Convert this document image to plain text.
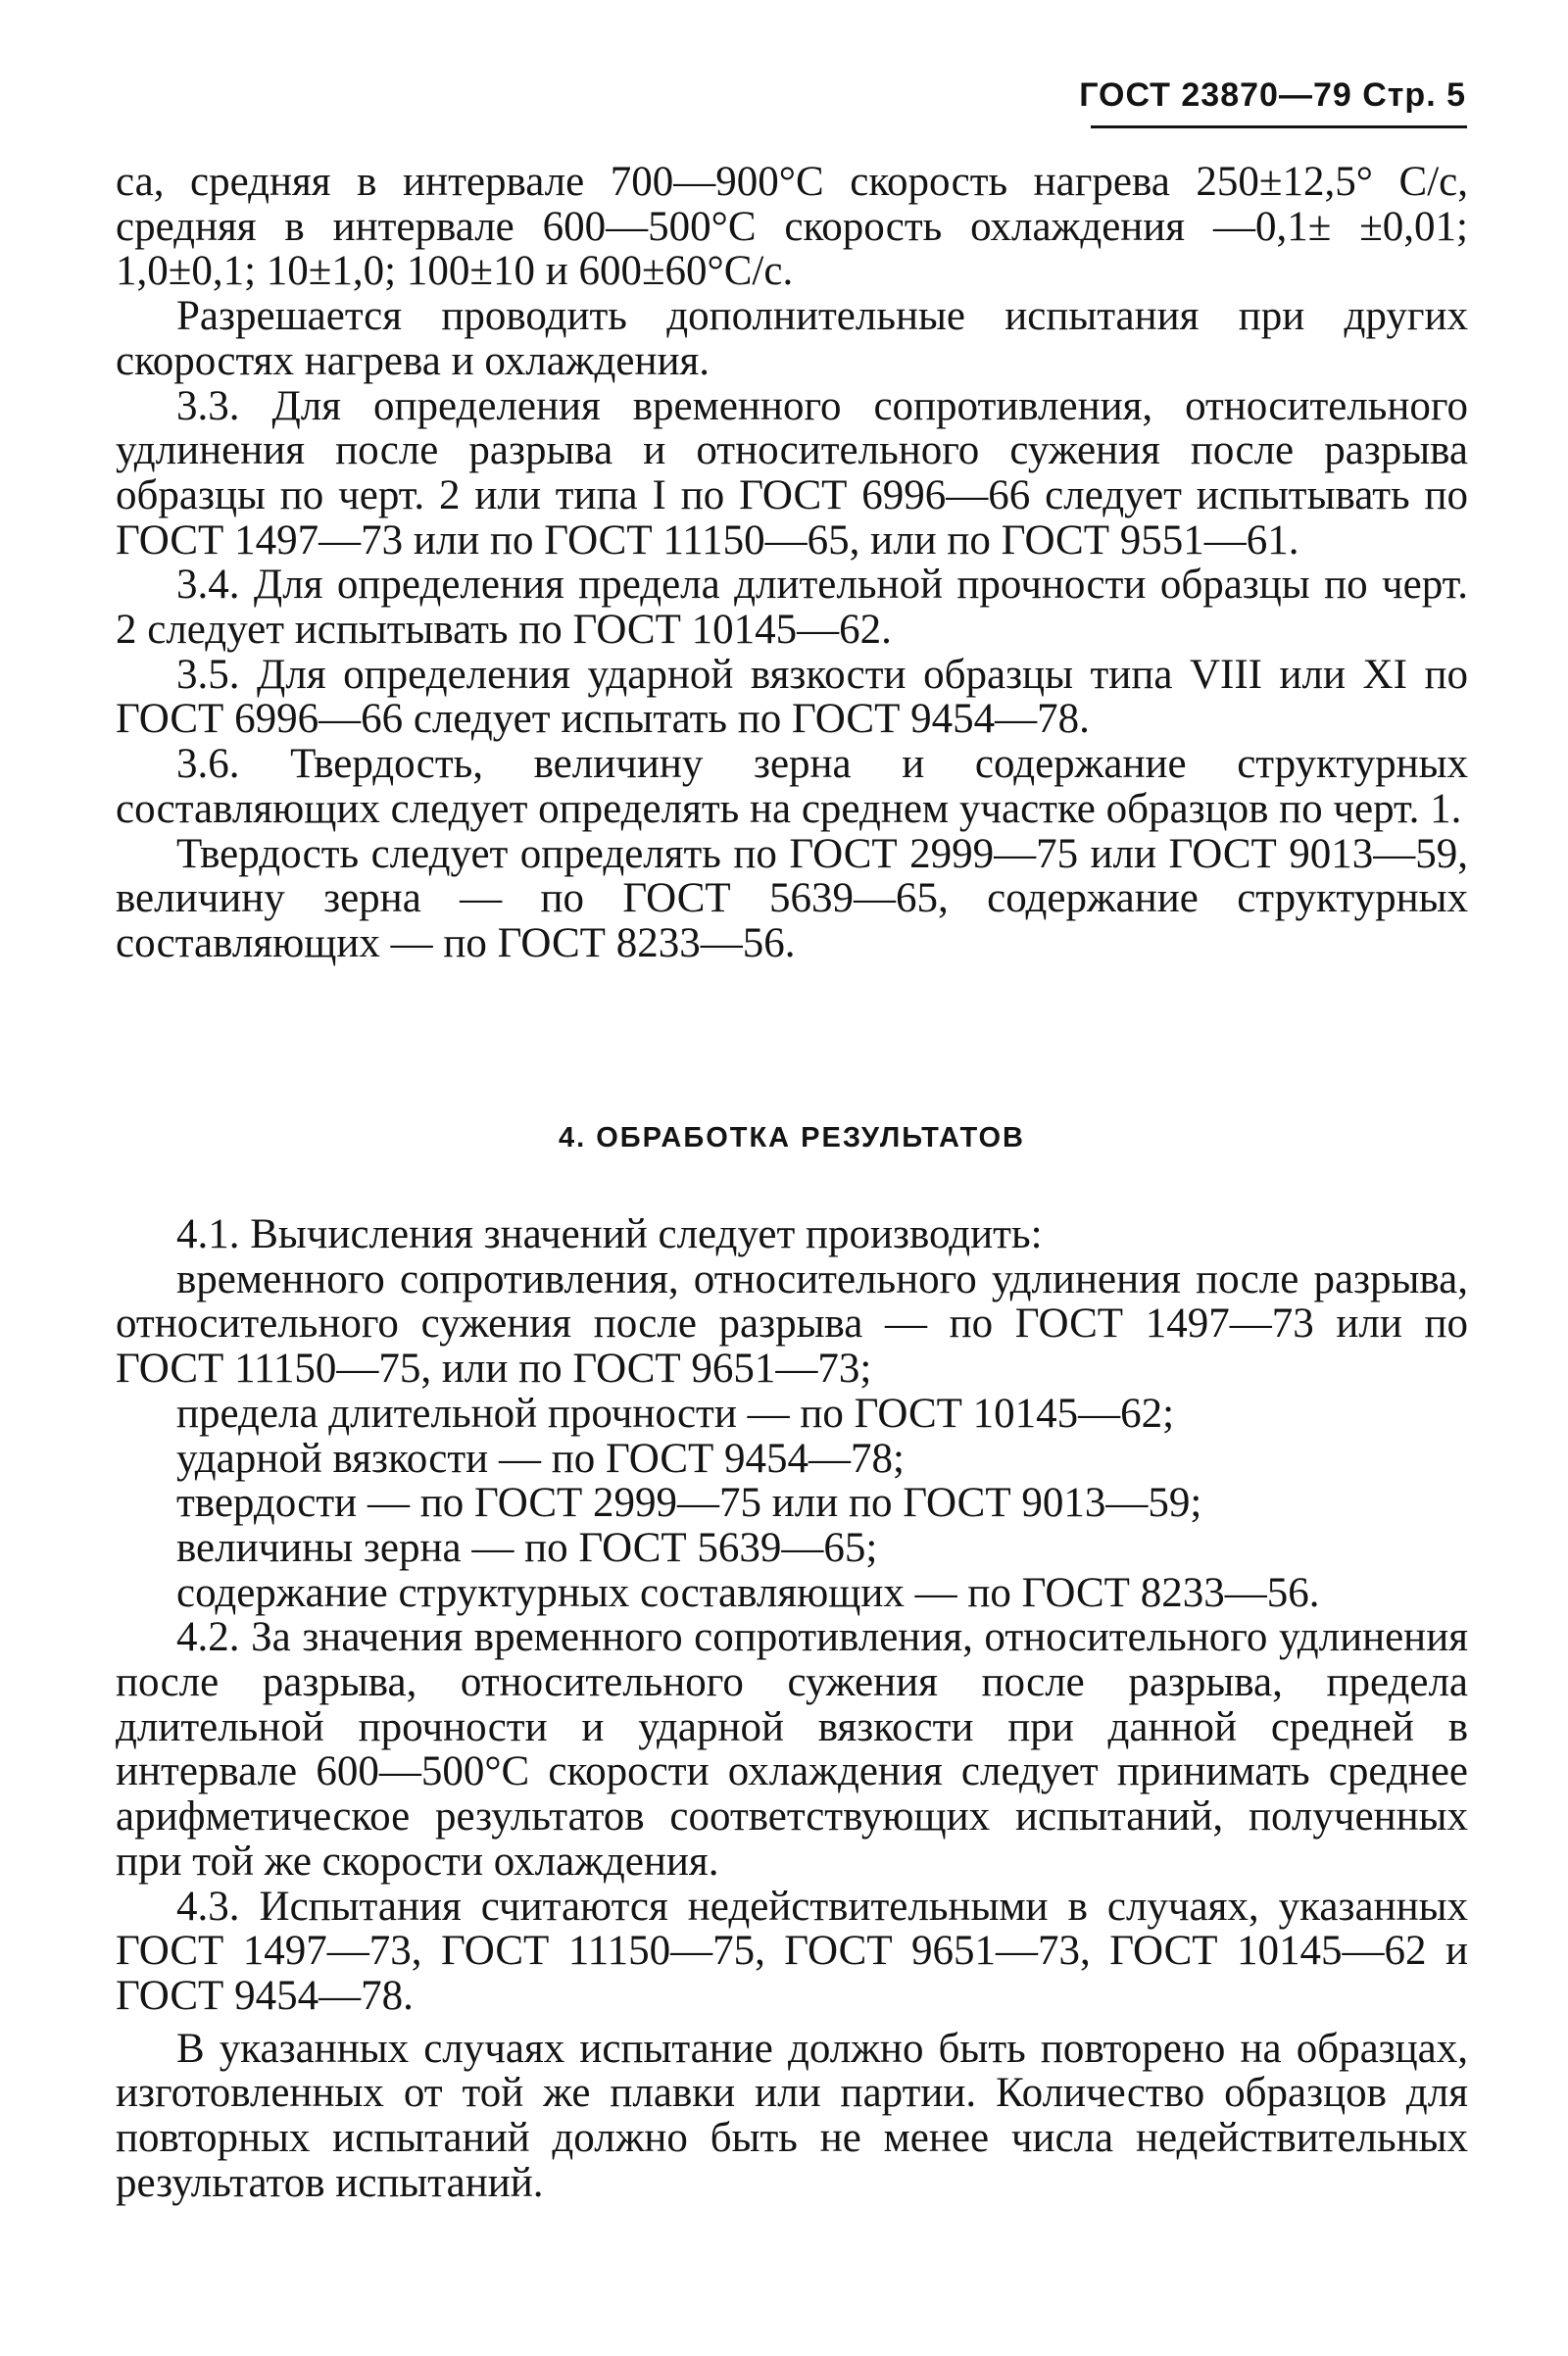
ГОСТ 23870—79 Стр. 5

са, средняя в интервале 700—900°С скорость нагрева 250±12,5° С/с, средняя в интервале 600—500°С скорость охлаждения —0,1± ±0,01; 1,0±0,1; 10±1,0; 100±10 и 600±60°С/с.

Разрешается проводить дополнительные испытания при других скоростях нагрева и охлаждения.

3.3. Для определения временного сопротивления, относительного удлинения после разрыва и относительного сужения после разрыва образцы по черт. 2 или типа I по ГОСТ 6996—66 следует испытывать по ГОСТ 1497—73 или по ГОСТ 11150—65, или по ГОСТ 9551—61.

3.4. Для определения предела длительной прочности образцы по черт. 2 следует испытывать по ГОСТ 10145—62.

3.5. Для определения ударной вязкости образцы типа VIII или XI по ГОСТ 6996—66 следует испытать по ГОСТ 9454—78.

3.6. Твердость, величину зерна и содержание структурных составляющих следует определять на среднем участке образцов по черт. 1.

Твердость следует определять по ГОСТ 2999—75 или ГОСТ 9013—59, величину зерна — по ГОСТ 5639—65, содержание структурных составляющих — по ГОСТ 8233—56.

4. ОБРАБОТКА РЕЗУЛЬТАТОВ

4.1. Вычисления значений следует производить:

временного сопротивления, относительного удлинения после разрыва, относительного сужения после разрыва — по ГОСТ 1497—73 или по ГОСТ 11150—75, или по ГОСТ 9651—73;

предела длительной прочности — по ГОСТ 10145—62;

ударной вязкости — по ГОСТ 9454—78;

твердости — по ГОСТ 2999—75 или по ГОСТ 9013—59;

величины зерна — по ГОСТ 5639—65;

содержание структурных составляющих — по ГОСТ 8233—56.

4.2. За значения временного сопротивления, относительного удлинения после разрыва, относительного сужения после разрыва, предела длительной прочности и ударной вязкости при данной средней в интервале 600—500°С скорости охлаждения следует принимать среднее арифметическое результатов соответствующих испытаний, полученных при той же скорости охлаждения.

4.3. Испытания считаются недействительными в случаях, указанных ГОСТ 1497—73, ГОСТ 11150—75, ГОСТ 9651—73, ГОСТ 10145—62 и ГОСТ 9454—78.

В указанных случаях испытание должно быть повторено на образцах, изготовленных от той же плавки или партии. Количество образцов для повторных испытаний должно быть не менее числа недействительных результатов испытаний.
